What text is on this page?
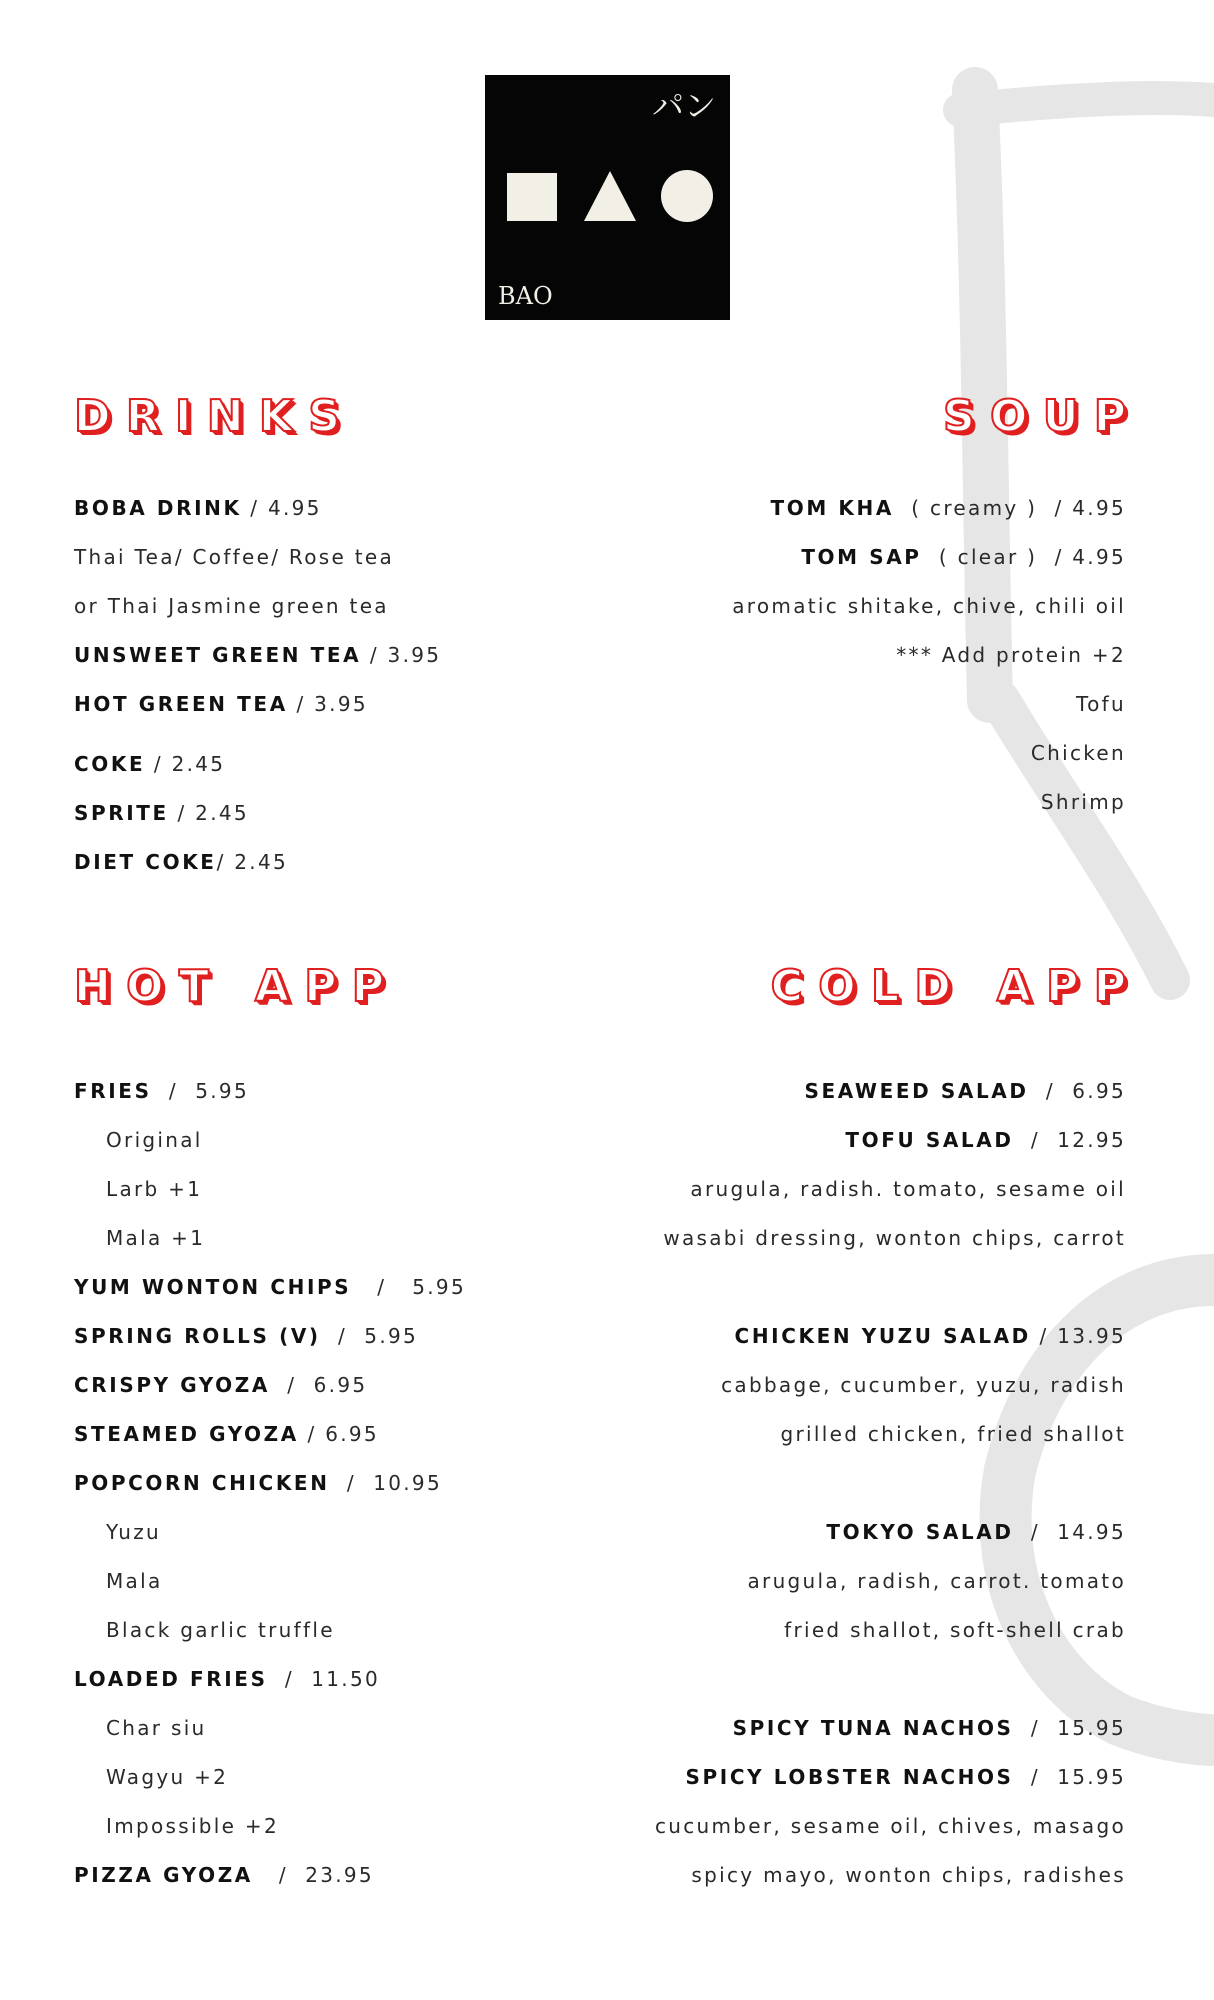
パン
BAO
D R I N K S	S O U P
H O T   A P P	C O L D   A P P
BOBA DRINK / 4.95
Thai Tea/ Coffee/ Rose tea
or Thai Jasmine green tea
UNSWEET GREEN TEA / 3.95
HOT GREEN TEA / 3.95
COKE / 2.45
SPRITE / 2.45
DIET COKE/ 2.45
TOM KHA  ( creamy )  / 4.95
TOM SAP  ( clear )  / 4.95
aromatic shitake, chive, chili oil
*** Add protein +2
Tofu
Chicken
Shrimp
FRIES  /  5.95
Original
Larb +1
Mala +1
YUM WONTON CHIPS   /   5.95
SPRING ROLLS (V)  /  5.95
CRISPY GYOZA  /  6.95
STEAMED GYOZA / 6.95
POPCORN CHICKEN  /  10.95
Yuzu
Mala
Black garlic truffle
LOADED FRIES  /  11.50
Char siu
Wagyu +2
Impossible +2
PIZZA GYOZA   /  23.95
SEAWEED SALAD  /  6.95
TOFU SALAD  /  12.95
arugula, radish. tomato, sesame oil
wasabi dressing, wonton chips, carrot
CHICKEN YUZU SALAD / 13.95
cabbage, cucumber, yuzu, radish
grilled chicken, fried shallot
TOKYO SALAD  /  14.95
arugula, radish, carrot. tomato
fried shallot, soft-shell crab
SPICY TUNA NACHOS  /  15.95
SPICY LOBSTER NACHOS  /  15.95
cucumber, sesame oil, chives, masago
spicy mayo, wonton chips, radishes
